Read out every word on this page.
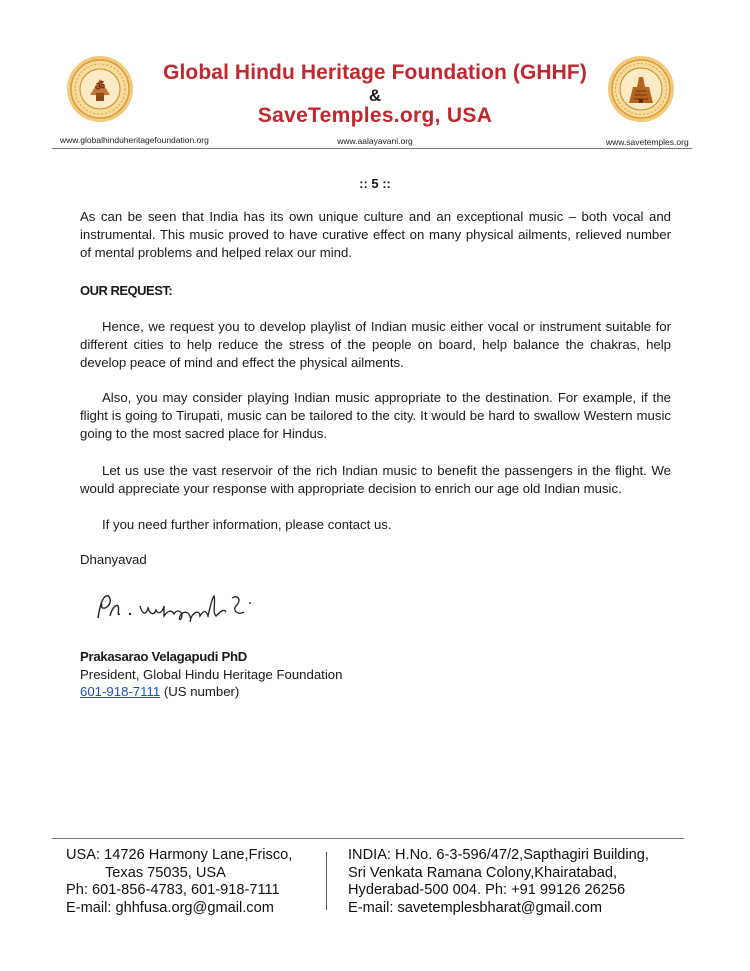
ॐ
Global Hindu Heritage Foundation (GHHF)
&
SaveTemples.org, USA
www.globalhinduheritagefoundation.org	www.aalayavani.org	www.savetemples.org
:: 5 ::

As can be seen that India has its own unique culture and an exceptional music – both vocal and instrumental. This music proved to have curative effect on many physical ailments, relieved number of mental problems and helped relax our mind.

OUR REQUEST:

Hence, we request you to develop playlist of Indian music either vocal or instrument suitable for different cities to help reduce the stress of the people on board, help balance the chakras, help develop peace of mind and effect the physical ailments.

Also, you may consider playing Indian music appropriate to the destination. For example, if the flight is going to Tirupati, music can be tailored to the city. It would be hard to swallow Western music going to the most sacred place for Hindus.

Let us use the vast reservoir of the rich Indian music to benefit the passengers in the flight. We would appreciate your response with appropriate decision to enrich our age old Indian music.

If you need further information, please contact us.

Dhanyavad
Prakasarao Velagapudi PhD
President, Global Hindu Heritage Foundation
601-918-7111 (US number)
USA: 14726 Harmony Lane,Frisco,
Texas 75035, USA
Ph: 601-856-4783, 601-918-7111
E-mail: ghhfusa.org@gmail.com
INDIA: H.No. 6-3-596/47/2,Sapthagiri Building,
Sri Venkata Ramana Colony,Khairatabad,
Hyderabad-500 004. Ph: +91 99126 26256
E-mail: savetemplesbharat@gmail.com
